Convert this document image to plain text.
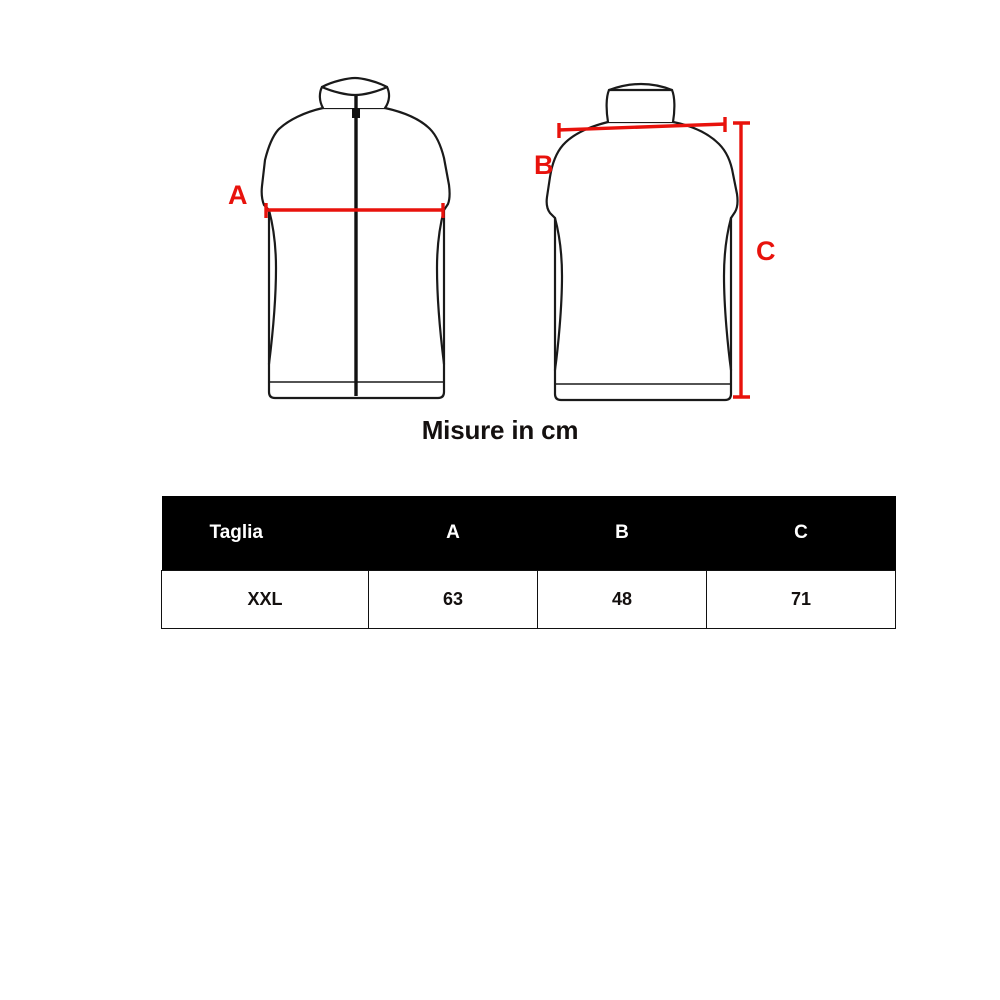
A
B
C
Misure in cm
Taglia	A	B	C
XXL	63	48	71
